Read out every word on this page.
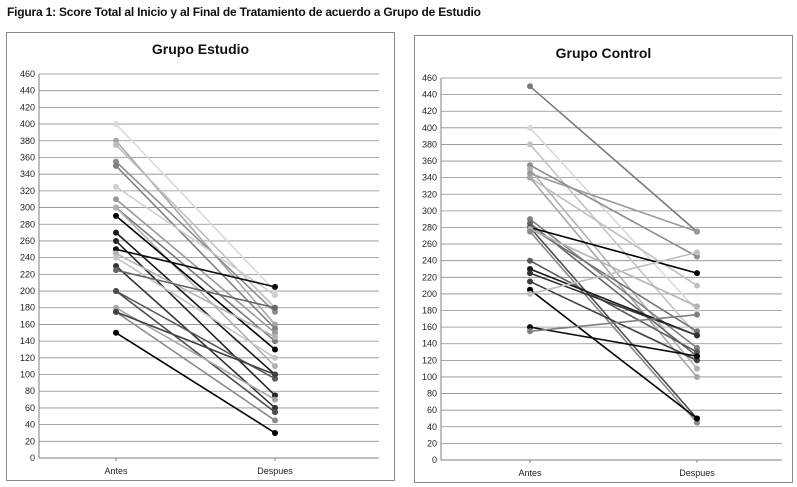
Figura 1: Score Total al Inicio y al Final de Tratamiento de acuerdo a Grupo de Estudio
Grupo Estudio
0
20
40
60
80
100
120
140
160
180
200
220
240
260
280
300
320
340
360
380
400
420
440
460
Antes	Despues
Grupo Control
0
20
40
60
80
100
120
140
160
180
200
220
240
260
280
300
320
340
360
380
400
420
440
460
Antes	Despues
